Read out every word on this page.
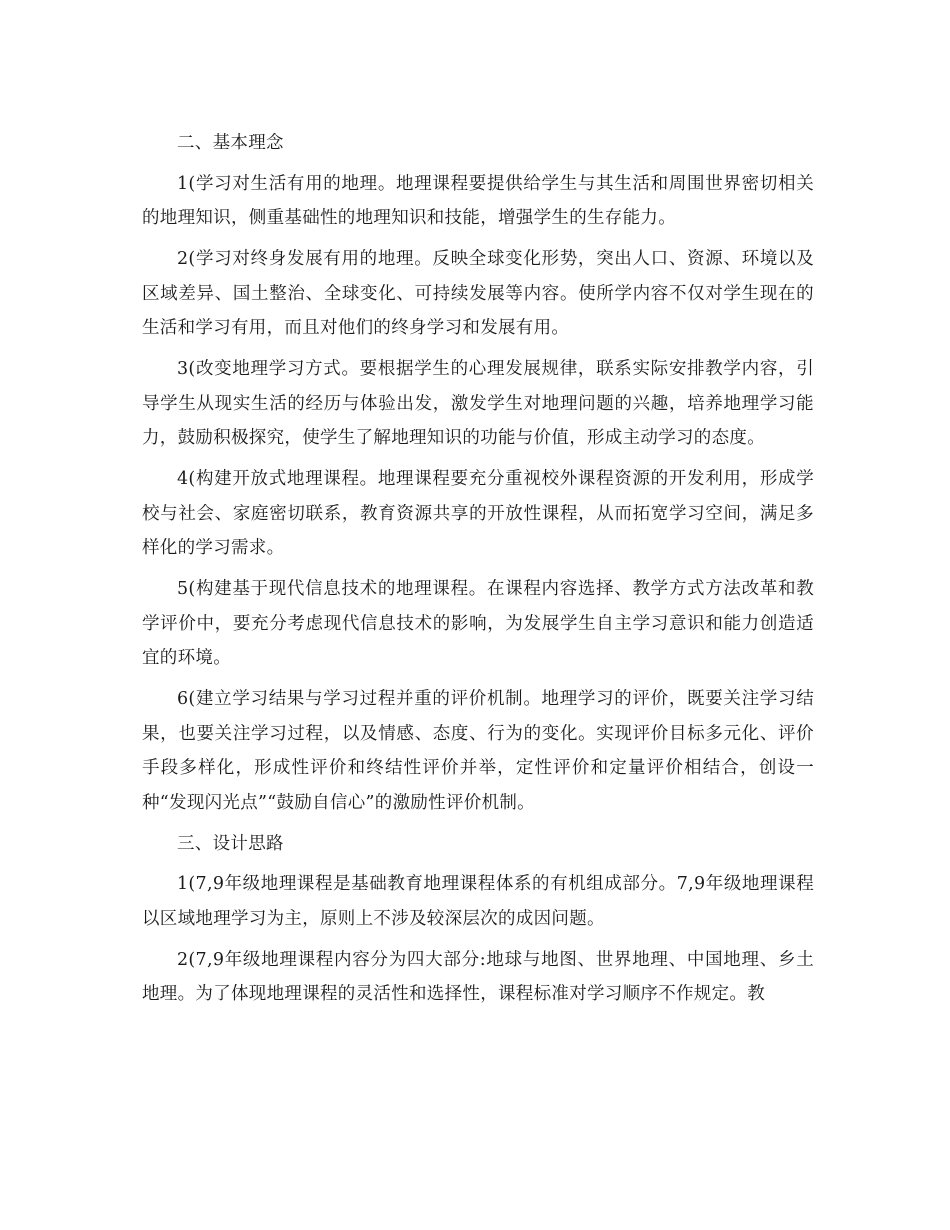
二、基本理念

1(学习对生活有用的地理。地理课程要提供给学生与其生活和周围世界密切相关的地理知识，侧重基础性的地理知识和技能，增强学生的生存能力。

2(学习对终身发展有用的地理。反映全球变化形势，突出人口、资源、环境以及区域差异、国土整治、全球变化、可持续发展等内容。使所学内容不仅对学生现在的生活和学习有用，而且对他们的终身学习和发展有用。

3(改变地理学习方式。要根据学生的心理发展规律，联系实际安排教学内容，引导学生从现实生活的经历与体验出发，激发学生对地理问题的兴趣，培养地理学习能力，鼓励积极探究，使学生了解地理知识的功能与价值，形成主动学习的态度。

4(构建开放式地理课程。地理课程要充分重视校外课程资源的开发利用，形成学校与社会、家庭密切联系，教育资源共享的开放性课程，从而拓宽学习空间，满足多样化的学习需求。

5(构建基于现代信息技术的地理课程。在课程内容选择、教学方式方法改革和教学评价中，要充分考虑现代信息技术的影响，为发展学生自主学习意识和能力创造适宜的环境。

6(建立学习结果与学习过程并重的评价机制。地理学习的评价，既要关注学习结果，也要关注学习过程，以及情感、态度、行为的变化。实现评价目标多元化、评价手段多样化，形成性评价和终结性评价并举，定性评价和定量评价相结合，创设一种“发现闪光点”“鼓励自信心”的激励性评价机制。

三、设计思路

1(7,9年级地理课程是基础教育地理课程体系的有机组成部分。7,9年级地理课程以区域地理学习为主，原则上不涉及较深层次的成因问题。

2(7,9年级地理课程内容分为四大部分:地球与地图、世界地理、中国地理、乡土地理。为了体现地理课程的灵活性和选择性，课程标准对学习顺序不作规定。教
